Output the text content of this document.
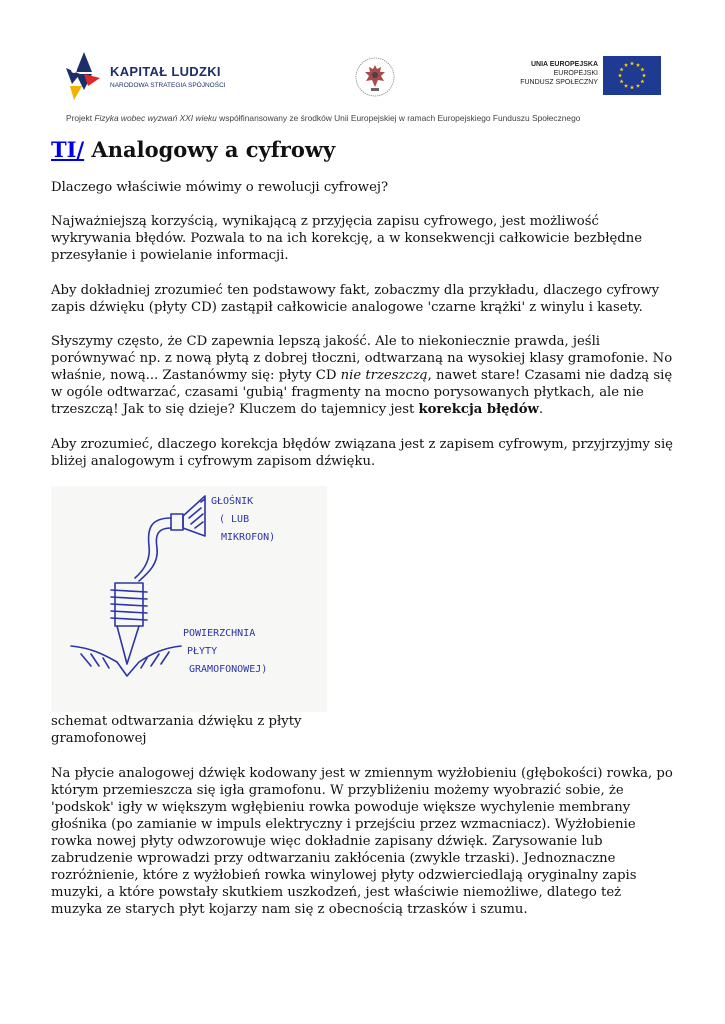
KAPITAŁ LUDZKI
NARODOWA STRATEGIA SPÓJNOŚCI
UNIA EUROPEJSKA
EUROPEJSKI
FUNDUSZ SPOŁECZNY
Projekt Fizyka wobec wyzwań XXI wieku współfinansowany ze środków Unii Europejskiej w ramach Europejskiego Funduszu Społecznego
TI/ Analogowy a cyfrowy

Dlaczego właściwie mówimy o rewolucji cyfrowej?

Najważniejszą korzyścią, wynikającą z przyjęcia zapisu cyfrowego, jest możliwość wykrywania błędów. Pozwala to na ich korekcję, a w konsekwencji całkowicie bezbłędne przesyłanie i powielanie informacji.

Aby dokładniej zrozumieć ten podstawowy fakt, zobaczmy dla przykładu, dlaczego cyfrowy zapis dźwięku (płyty CD) zastąpił całkowicie analogowe 'czarne krążki' z winylu i kasety.

Słyszymy często, że CD zapewnia lepszą jakość. Ale to niekoniecznie prawda, jeśli porównywać np. z nową płytą z dobrej tłoczni, odtwarzaną na wysokiej klasy gramofonie. No właśnie, nową... Zastanówmy się: płyty CD nie trzeszczą, nawet stare! Czasami nie dadzą się w ogóle odtwarzać, czasami 'gubią' fragmenty na mocno porysowanych płytkach, ale nie trzeszczą! Jak to się dzieje? Kluczem do tajemnicy jest korekcja błędów.

Aby zrozumieć, dlaczego korekcja błędów związana jest z zapisem cyfrowym, przyjrzyjmy się bliżej analogowym i cyfrowym zapisom dźwięku.

GŁOŚNIK
( LUB
MIKROFON)
POWIERZCHNIA
PŁYTY
GRAMOFONOWEJ)
schemat odtwarzania dźwięku z płyty gramofonowej

Na płycie analogowej dźwięk kodowany jest w zmiennym wyżłobieniu (głębokości) rowka, po którym przemieszcza się igła gramofonu. W przybliżeniu możemy wyobrazić sobie, że 'podskok' igły w większym wgłębieniu rowka powoduje większe wychylenie membrany głośnika (po zamianie w impuls elektryczny i przejściu przez wzmacniacz). Wyżłobienie rowka nowej płyty odwzorowuje więc dokładnie zapisany dźwięk. Zarysowanie lub zabrudzenie wprowadzi przy odtwarzaniu zakłócenia (zwykle trzaski). Jednoznaczne rozróżnienie, które z wyżłobień rowka winylowej płyty odzwierciedlają oryginalny zapis muzyki, a które powstały skutkiem uszkodzeń, jest właściwie niemożliwe, dlatego też muzyka ze starych płyt kojarzy nam się z obecnością trzasków i szumu.
